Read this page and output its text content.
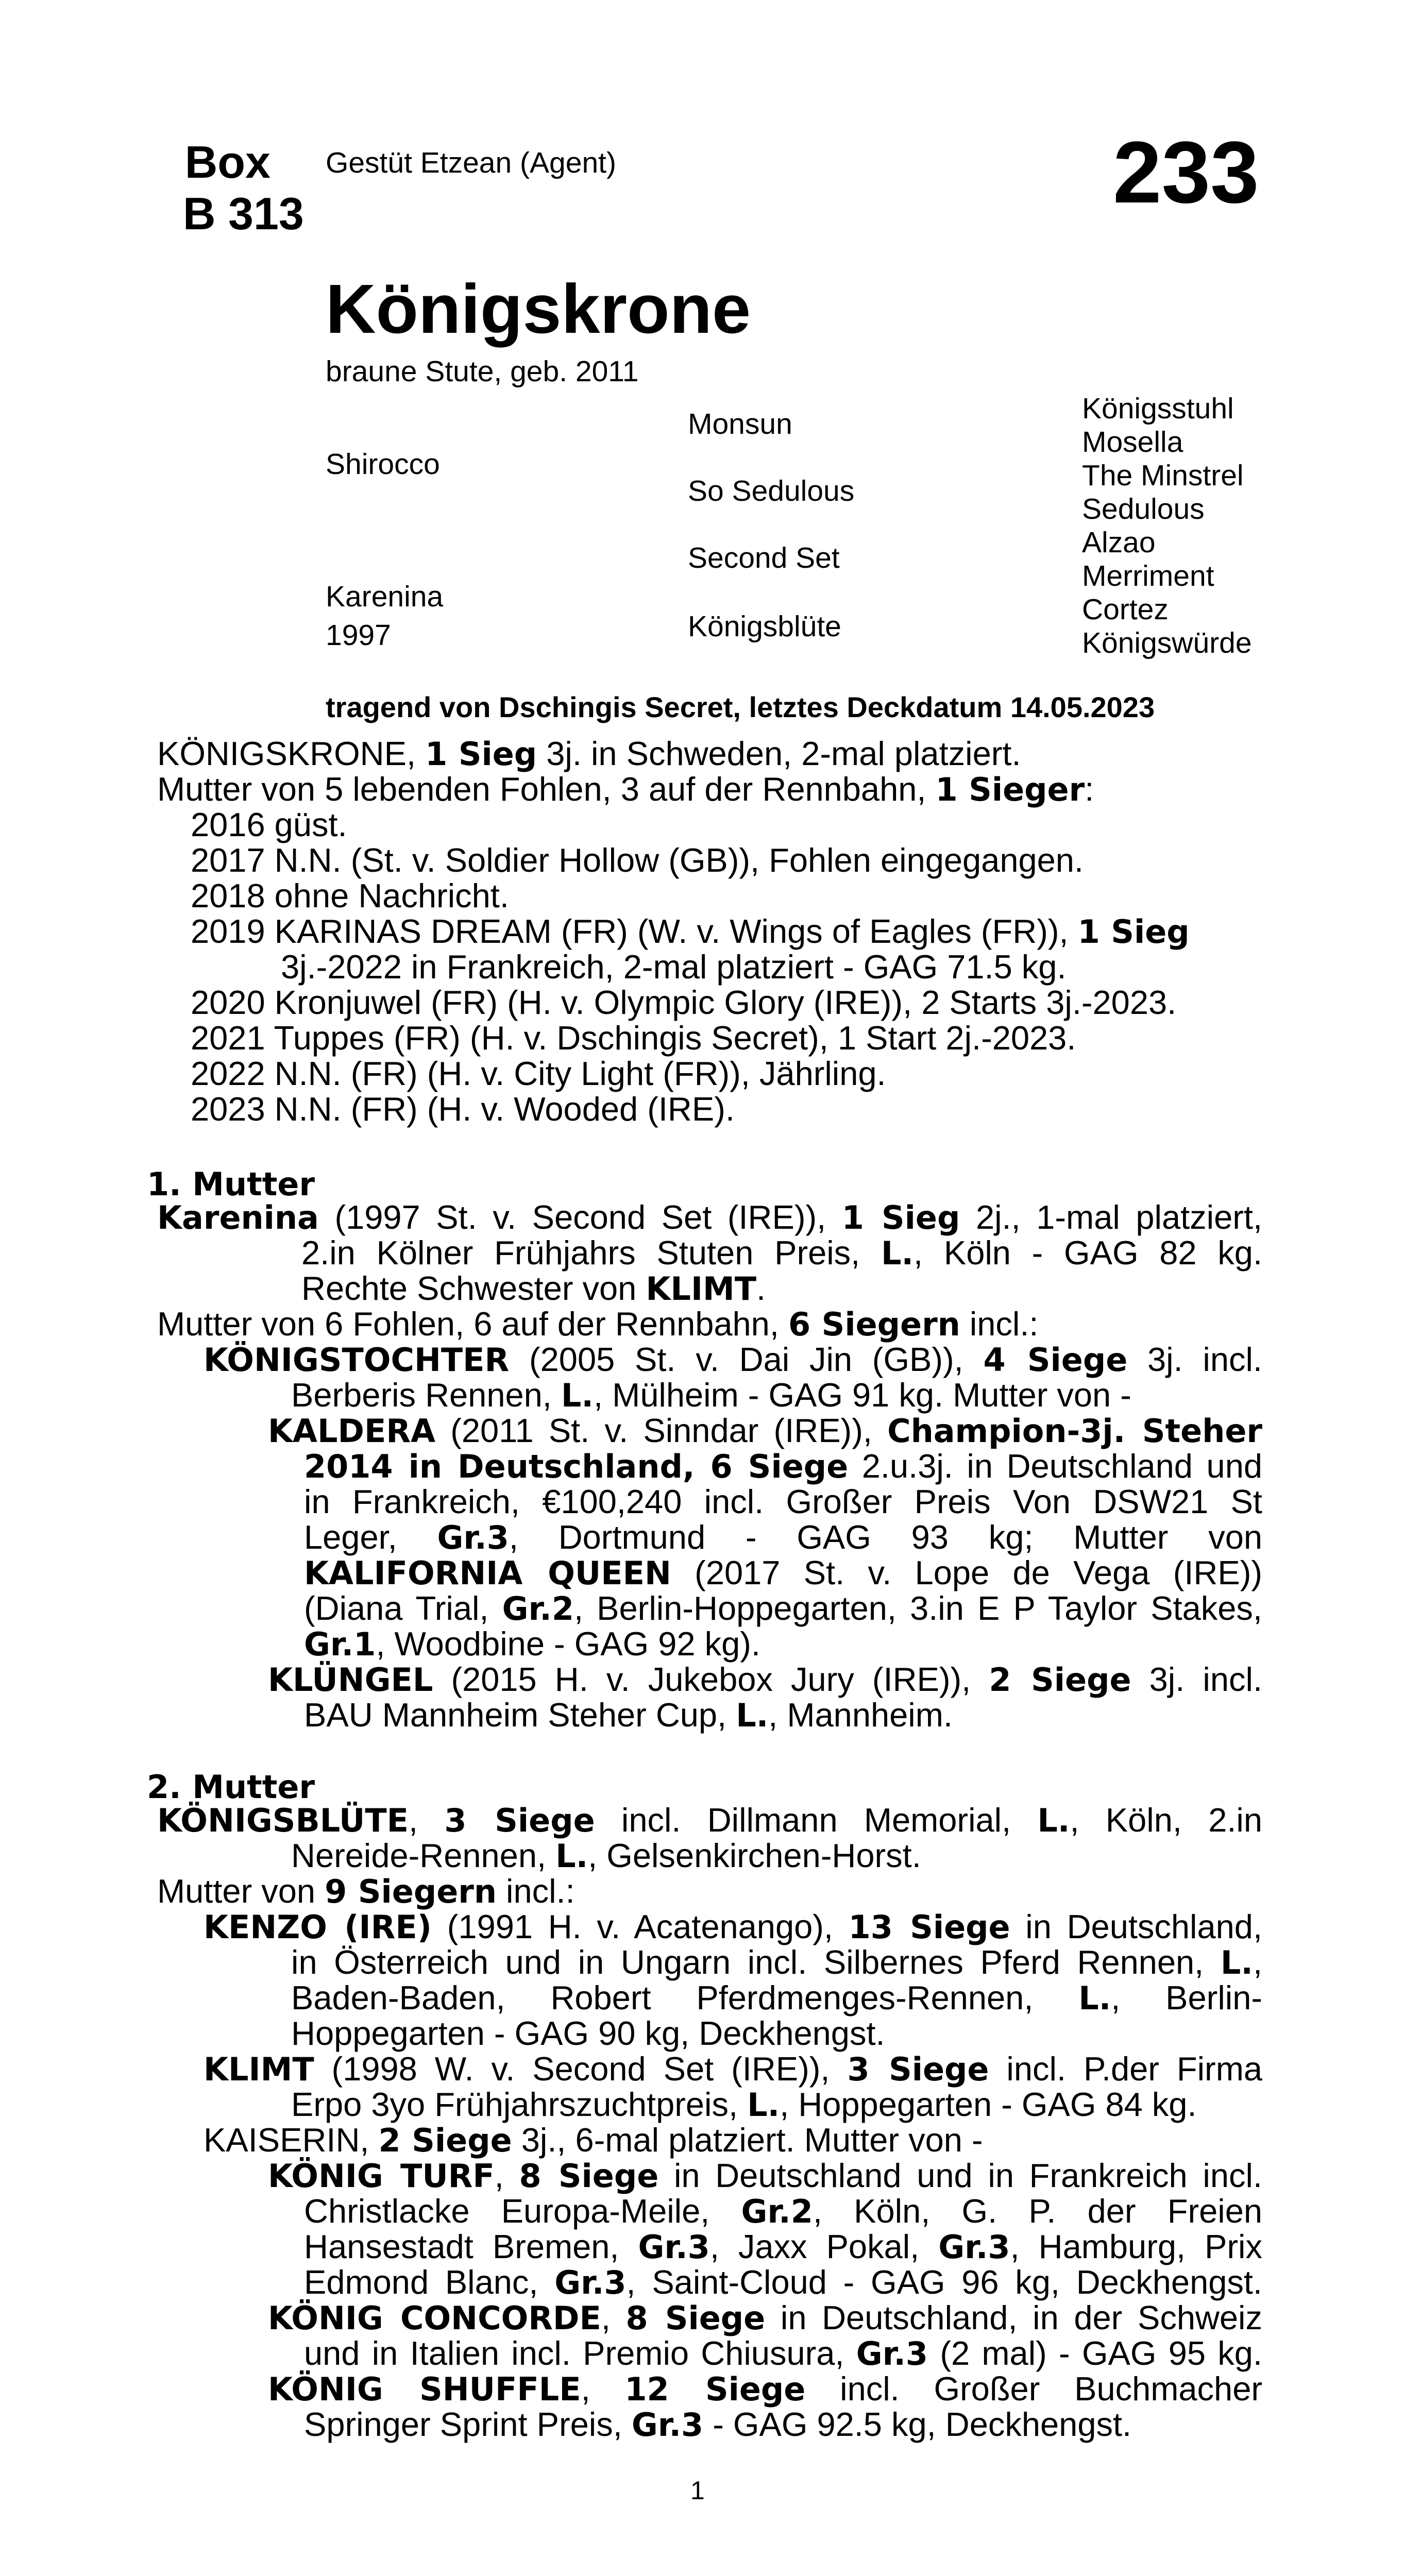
Box
B 313
Gestüt Etzean (Agent)	233
Königskrone
braune Stute, geb. 2011
Shirocco
Karenina
1997
Monsun
So Sedulous
Second Set
Königsblüte
Königsstuhl
Mosella
The Minstrel
Sedulous
Alzao
Merriment
Cortez
Königswürde
tragend von Dschingis Secret, letztes Deckdatum 14.05.2023
KÖNIGSKRONE, 1 Sieg 3j. in Schweden, 2-mal platziert.
Mutter von 5 lebenden Fohlen, 3 auf der Rennbahn, 1 Sieger:
2016 güst.
2017 N.N. (St. v. Soldier Hollow (GB)), Fohlen eingegangen.
2018 ohne Nachricht.
2019 KARINAS DREAM (FR) (W. v. Wings of Eagles (FR)), 1 Sieg
3j.-2022 in Frankreich, 2-mal platziert - GAG 71.5 kg.
2020 Kronjuwel (FR) (H. v. Olympic Glory (IRE)), 2 Starts 3j.-2023.
2021 Tuppes (FR) (H. v. Dschingis Secret), 1 Start 2j.-2023.
2022 N.N. (FR) (H. v. City Light (FR)), Jährling.
2023 N.N. (FR) (H. v. Wooded (IRE).
1. Mutter
Karenina (1997 St. v. Second Set (IRE)), 1 Sieg 2j., 1-mal platziert,
2.in Kölner Frühjahrs Stuten Preis, L., Köln - GAG 82 kg.
Rechte Schwester von KLIMT.
Mutter von 6 Fohlen, 6 auf der Rennbahn, 6 Siegern incl.:
KÖNIGSTOCHTER (2005 St. v. Dai Jin (GB)), 4 Siege 3j. incl.
Berberis Rennen, L., Mülheim - GAG 91 kg. Mutter von -
KALDERA (2011 St. v. Sinndar (IRE)), Champion-3j. Steher
2014 in Deutschland, 6 Siege 2.u.3j. in Deutschland und
in Frankreich, €100,240 incl. Großer Preis Von DSW21 St
Leger, Gr.3, Dortmund - GAG 93 kg; Mutter von
KALIFORNIA QUEEN (2017 St. v. Lope de Vega (IRE))
(Diana Trial, Gr.2, Berlin-Hoppegarten, 3.in E P Taylor Stakes,
Gr.1, Woodbine - GAG 92 kg).
KLÜNGEL (2015 H. v. Jukebox Jury (IRE)), 2 Siege 3j. incl.
BAU Mannheim Steher Cup, L., Mannheim.
2. Mutter
KÖNIGSBLÜTE, 3 Siege incl. Dillmann Memorial, L., Köln, 2.in
Nereide-Rennen, L., Gelsenkirchen-Horst.
Mutter von 9 Siegern incl.:
KENZO (IRE) (1991 H. v. Acatenango), 13 Siege in Deutschland,
in Österreich und in Ungarn incl. Silbernes Pferd Rennen, L.,
Baden-Baden, Robert Pferdmenges-Rennen, L., Berlin-
Hoppegarten - GAG 90 kg, Deckhengst.
KLIMT (1998 W. v. Second Set (IRE)), 3 Siege incl. P.der Firma
Erpo 3yo Frühjahrszuchtpreis, L., Hoppegarten - GAG 84 kg.
KAISERIN, 2 Siege 3j., 6-mal platziert. Mutter von -
KÖNIG TURF, 8 Siege in Deutschland und in Frankreich incl.
Christlacke Europa-Meile, Gr.2, Köln, G. P. der Freien
Hansestadt Bremen, Gr.3, Jaxx Pokal, Gr.3, Hamburg, Prix
Edmond Blanc, Gr.3, Saint-Cloud - GAG 96 kg, Deckhengst.
KÖNIG CONCORDE, 8 Siege in Deutschland, in der Schweiz
und in Italien incl. Premio Chiusura, Gr.3 (2 mal) - GAG 95 kg.
KÖNIG SHUFFLE, 12 Siege incl. Großer Buchmacher
Springer Sprint Preis, Gr.3 - GAG 92.5 kg, Deckhengst.
1
